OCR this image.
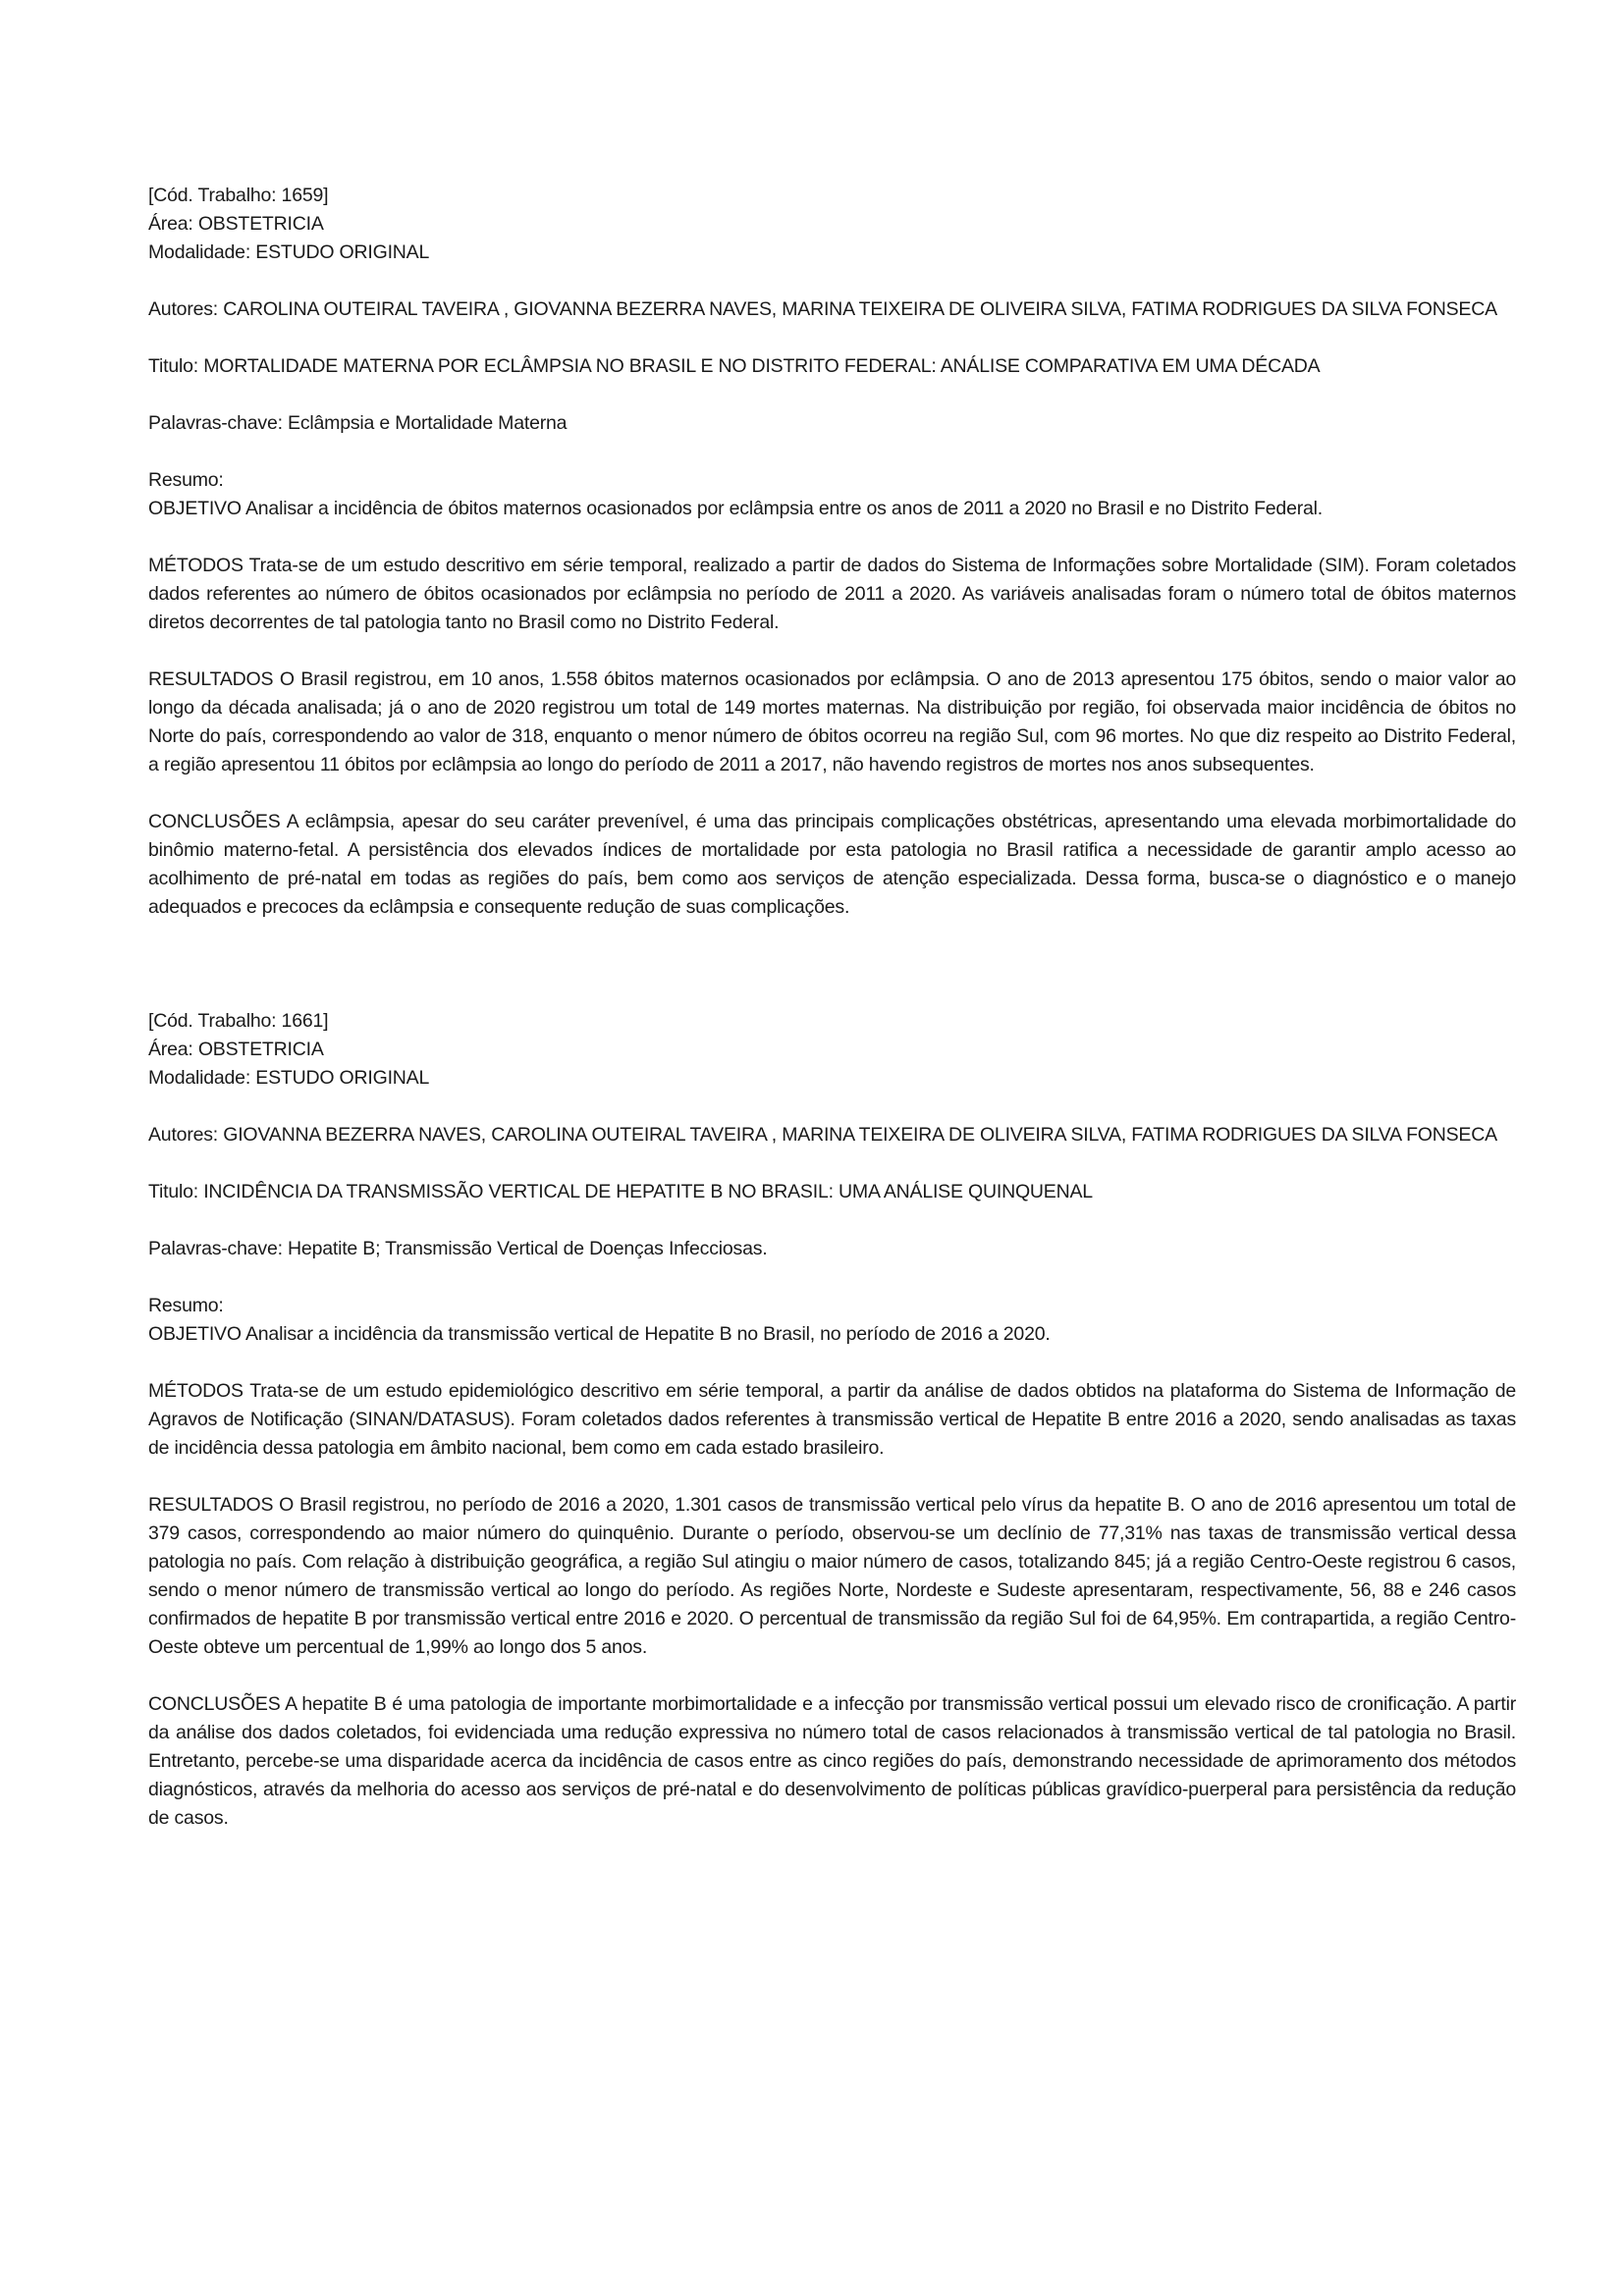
[Cód. Trabalho: 1659]
Área: OBSTETRICIA
Modalidade: ESTUDO ORIGINAL
Autores: CAROLINA OUTEIRAL TAVEIRA , GIOVANNA BEZERRA NAVES, MARINA TEIXEIRA DE OLIVEIRA SILVA, FATIMA RODRIGUES DA SILVA FONSECA
Titulo: MORTALIDADE MATERNA POR ECLÂMPSIA NO BRASIL E NO DISTRITO FEDERAL: ANÁLISE COMPARATIVA EM UMA DÉCADA
Palavras-chave: Eclâmpsia e Mortalidade Materna
Resumo:

OBJETIVO Analisar a incidência de óbitos maternos ocasionados por eclâmpsia entre os anos de 2011 a 2020 no Brasil e no Distrito Federal.

MÉTODOS Trata-se de um estudo descritivo em série temporal, realizado a partir de dados do Sistema de Informações sobre Mortalidade (SIM). Foram coletados dados referentes ao número de óbitos ocasionados por eclâmpsia no período de 2011 a 2020. As variáveis analisadas foram o número total de óbitos maternos diretos decorrentes de tal patologia tanto no Brasil como no Distrito Federal.

RESULTADOS O Brasil registrou, em 10 anos, 1.558 óbitos maternos ocasionados por eclâmpsia. O ano de 2013 apresentou 175 óbitos, sendo o maior valor ao longo da década analisada; já o ano de 2020 registrou um total de 149 mortes maternas. Na distribuição por região, foi observada maior incidência de óbitos no Norte do país, correspondendo ao valor de 318, enquanto o menor número de óbitos ocorreu na região Sul, com 96 mortes. No que diz respeito ao Distrito Federal, a região apresentou 11 óbitos por eclâmpsia ao longo do período de 2011 a 2017, não havendo registros de mortes nos anos subsequentes.

CONCLUSÕES A eclâmpsia, apesar do seu caráter prevenível, é uma das principais complicações obstétricas, apresentando uma elevada morbimortalidade do binômio materno-fetal. A persistência dos elevados índices de mortalidade por esta patologia no Brasil ratifica a necessidade de garantir amplo acesso ao acolhimento de pré-natal em todas as regiões do país, bem como aos serviços de atenção especializada. Dessa forma, busca-se o diagnóstico e o manejo adequados e precoces da eclâmpsia e consequente redução de suas complicações.

[Cód. Trabalho: 1661]
Área: OBSTETRICIA
Modalidade: ESTUDO ORIGINAL
Autores: GIOVANNA BEZERRA NAVES, CAROLINA OUTEIRAL TAVEIRA , MARINA TEIXEIRA DE OLIVEIRA SILVA, FATIMA RODRIGUES DA SILVA FONSECA
Titulo: INCIDÊNCIA DA TRANSMISSÃO VERTICAL DE HEPATITE B NO BRASIL: UMA ANÁLISE QUINQUENAL
Palavras-chave: Hepatite B; Transmissão Vertical de Doenças Infecciosas.
Resumo:

OBJETIVO Analisar a incidência da transmissão vertical de Hepatite B no Brasil, no período de 2016 a 2020.

MÉTODOS Trata-se de um estudo epidemiológico descritivo em série temporal, a partir da análise de dados obtidos na plataforma do Sistema de Informação de Agravos de Notificação (SINAN/DATASUS). Foram coletados dados referentes à transmissão vertical de Hepatite B entre 2016 a 2020, sendo analisadas as taxas de incidência dessa patologia em âmbito nacional, bem como em cada estado brasileiro.

RESULTADOS O Brasil registrou, no período de 2016 a 2020, 1.301 casos de transmissão vertical pelo vírus da hepatite B. O ano de 2016 apresentou um total de 379 casos, correspondendo ao maior número do quinquênio. Durante o período, observou-se um declínio de 77,31% nas taxas de transmissão vertical dessa patologia no país. Com relação à distribuição geográfica, a região Sul atingiu o maior número de casos, totalizando 845; já a região Centro-Oeste registrou 6 casos, sendo o menor número de transmissão vertical ao longo do período. As regiões Norte, Nordeste e Sudeste apresentaram, respectivamente, 56, 88 e 246 casos confirmados de hepatite B por transmissão vertical entre 2016 e 2020. O percentual de transmissão da região Sul foi de 64,95%. Em contrapartida, a região Centro-Oeste obteve um percentual de 1,99% ao longo dos 5 anos.

CONCLUSÕES A hepatite B é uma patologia de importante morbimortalidade e a infecção por transmissão vertical possui um elevado risco de cronificação. A partir da análise dos dados coletados, foi evidenciada uma redução expressiva no número total de casos relacionados à transmissão vertical de tal patologia no Brasil. Entretanto, percebe-se uma disparidade acerca da incidência de casos entre as cinco regiões do país, demonstrando necessidade de aprimoramento dos métodos diagnósticos, através da melhoria do acesso aos serviços de pré-natal e do desenvolvimento de políticas públicas gravídico-puerperal para persistência da redução de casos.
